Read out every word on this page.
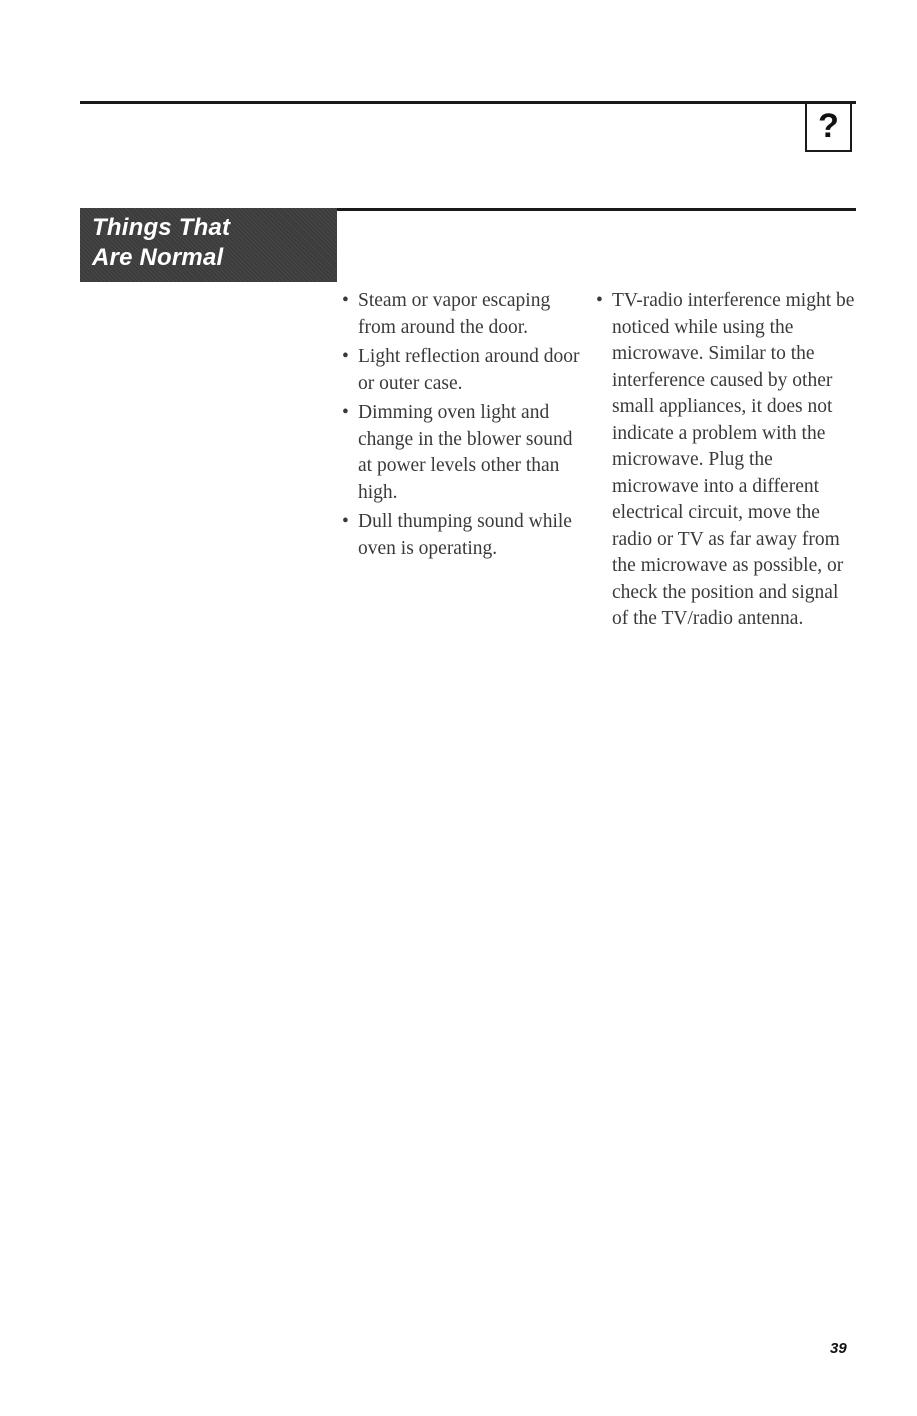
?
Things That
Are Normal

• Steam or vapor escaping from around the door.

• Light reflection around door or outer case.

• Dimming oven light and change in the blower sound at power levels other than high.

• Dull thumping sound while oven is operating.

• TV-radio interference might be noticed while using the microwave. Similar to the interference caused by other small appliances, it does not indicate a problem with the microwave. Plug the microwave into a different electrical circuit, move the radio or TV as far away from the microwave as possible, or check the position and signal of the TV/radio antenna.

39
